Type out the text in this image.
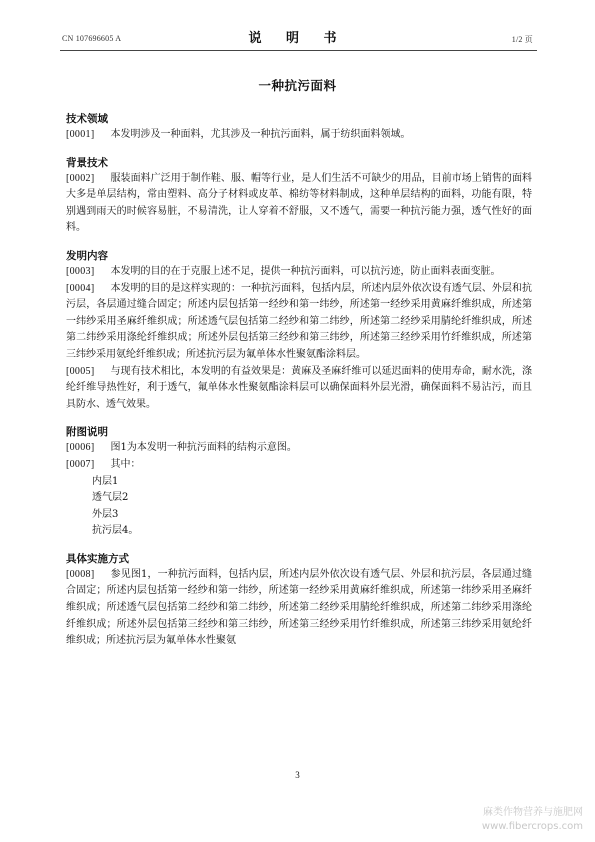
CN 107696605 A	说 明 书	1/2 页
一种抗污面料

技术领域

[0001] 本发明涉及一种面料，尤其涉及一种抗污面料，属于纺织面料领域。

背景技术

[0002] 服装面料广泛用于制作鞋、服、帽等行业，是人们生活不可缺少的用品，目前市场上销售的面料大多是单层结构，常由塑料、高分子材料或皮革、棉纺等材料制成，这种单层结构的面料，功能有限，特别遇到雨天的时候容易脏，不易清洗，让人穿着不舒服，又不透气，需要一种抗污能力强，透气性好的面料。

发明内容

[0003] 本发明的目的在于克服上述不足，提供一种抗污面料，可以抗污迹，防止面料表面变脏。

[0004] 本发明的目的是这样实现的：一种抗污面料，包括内层，所述内层外依次设有透气层、外层和抗污层，各层通过缝合固定；所述内层包括第一经纱和第一纬纱，所述第一经纱采用黄麻纤维织成，所述第一纬纱采用圣麻纤维织成；所述透气层包括第二经纱和第二纬纱，所述第二经纱采用腈纶纤维织成，所述第二纬纱采用涤纶纤维织成；所述外层包括第三经纱和第三纬纱，所述第三经纱采用竹纤维织成，所述第三纬纱采用氨纶纤维织成；所述抗污层为氟单体水性聚氨酯涂料层。

[0005] 与现有技术相比，本发明的有益效果是：黄麻及圣麻纤维可以延迟面料的使用寿命，耐水洗，涤纶纤维导热性好，利于透气，氟单体水性聚氨酯涂料层可以确保面料外层光滑，确保面料不易沾污，而且具防水、透气效果。

附图说明

[0006] 图1为本发明一种抗污面料的结构示意图。

[0007] 其中：

内层1

透气层2

外层3

抗污层4。

具体实施方式

[0008] 参见图1，一种抗污面料，包括内层，所述内层外依次设有透气层、外层和抗污层，各层通过缝合固定；所述内层包括第一经纱和第一纬纱，所述第一经纱采用黄麻纤维织成，所述第一纬纱采用圣麻纤维织成；所述透气层包括第二经纱和第二纬纱，所述第二经纱采用腈纶纤维织成，所述第二纬纱采用涤纶纤维织成；所述外层包括第三经纱和第三纬纱，所述第三经纱采用竹纤维织成，所述第三纬纱采用氨纶纤维织成；所述抗污层为氟单体水性聚氨

3
麻类作物营养与施肥网
www.fibercrops.com
